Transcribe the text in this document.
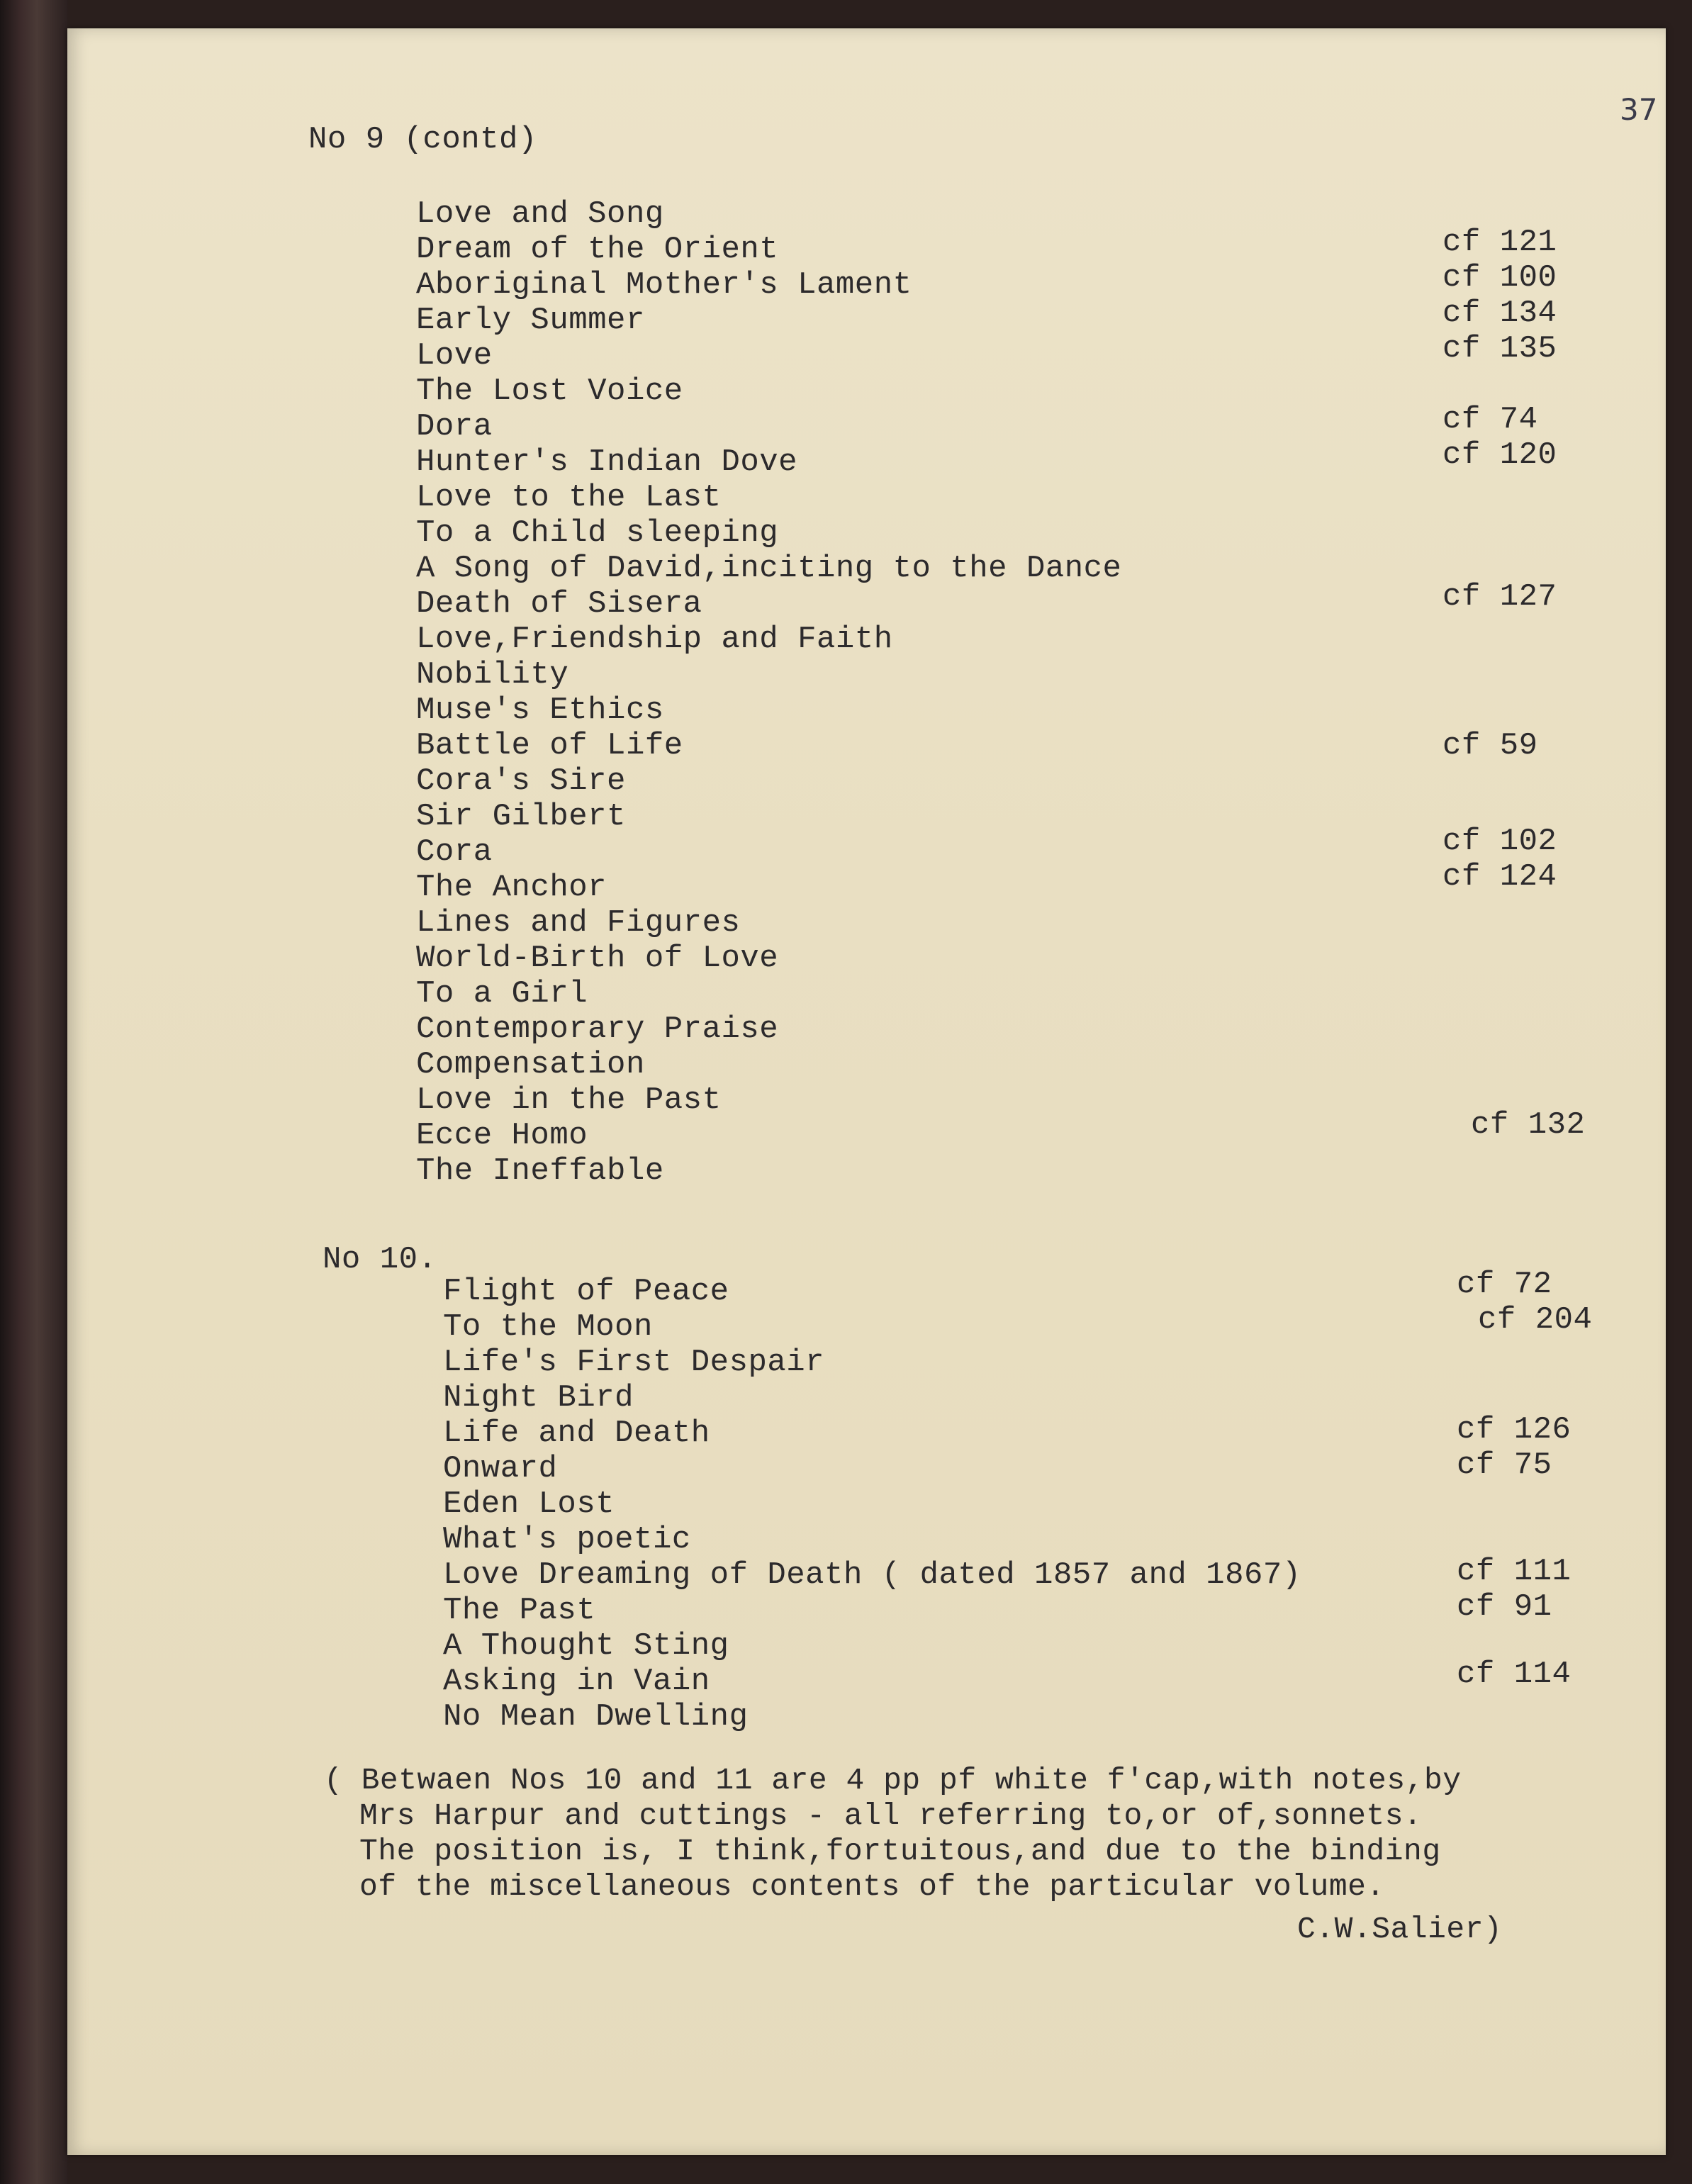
37
No 9 (contd)
Love and Song
Dream of the Orient	cf 121
Aboriginal Mother's Lament	cf 100
Early Summer	cf 134
Love	cf 135
The Lost Voice
Dora	cf 74
Hunter's Indian Dove	cf 120
Love to the Last
To a Child sleeping
A Song of David,inciting to the Dance
Death of Sisera	cf 127
Love,Friendship and Faith
Nobility
Muse's Ethics
Battle of Life	cf 59
Cora's Sire
Sir Gilbert
Cora	cf 102
The Anchor	cf 124
Lines and Figures
World-Birth of Love
To a Girl
Contemporary Praise
Compensation
Love in the Past
Ecce Homo	cf 132
The Ineffable
No 10.
Flight of Peace	cf 72
To the Moon	cf 204
Life's First Despair
Night Bird
Life and Death	cf 126
Onward	cf 75
Eden Lost
What's poetic
Love Dreaming of Death ( dated 1857 and 1867)	cf 111
The Past	cf 91
A Thought Sting
Asking in Vain	cf 114
No Mean Dwelling
( Betwaen Nos 10 and 11 are 4 pp pf white f'cap,with notes,by
Mrs Harpur and cuttings - all referring to,or of,sonnets.
The position is, I think,fortuitous,and due to the binding
of the miscellaneous contents of the particular volume.
C.W.Salier)
